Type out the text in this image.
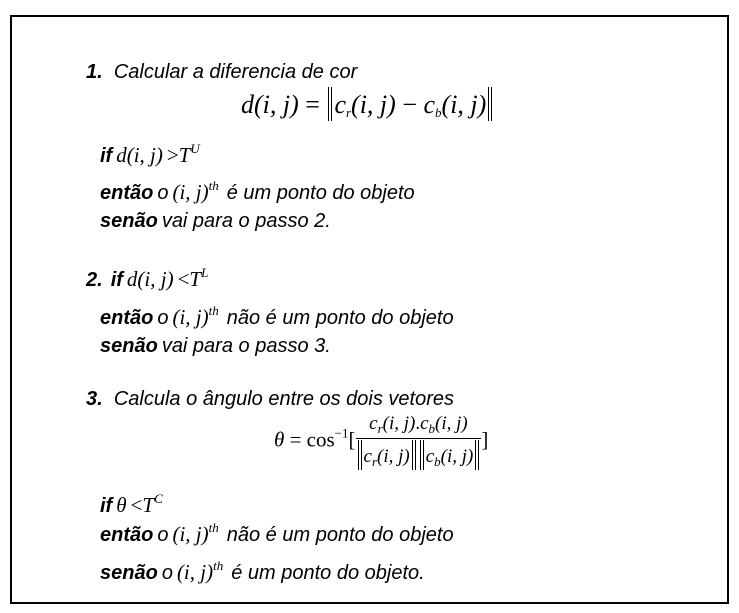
1. Calcular a diferencia de cor
d(i, $j) = c_r(i$, $j) - c_b(i$, j)
if d(i, $j) >T^U$
então o (i, j)$^{th}$ é um ponto do objeto
senão vai para o passo 2.
2. if d(i, $j) <T^L$
então o (i, j)$^{th}$ não é um ponto do objeto
senão vai para o passo 3.
3. Calcula o ângulo entre os dois vetores
$\theta = \cos^{-1}[ \frac{c_r(i, j).c_b(i, j)}{c_r(i, j) c_b(i, j)}$ ]
if $\theta <T^C$
então o (i, j)$^{th}$ não é um ponto do objeto
senão o (i, j)$^{th}$ é um ponto do objeto.
